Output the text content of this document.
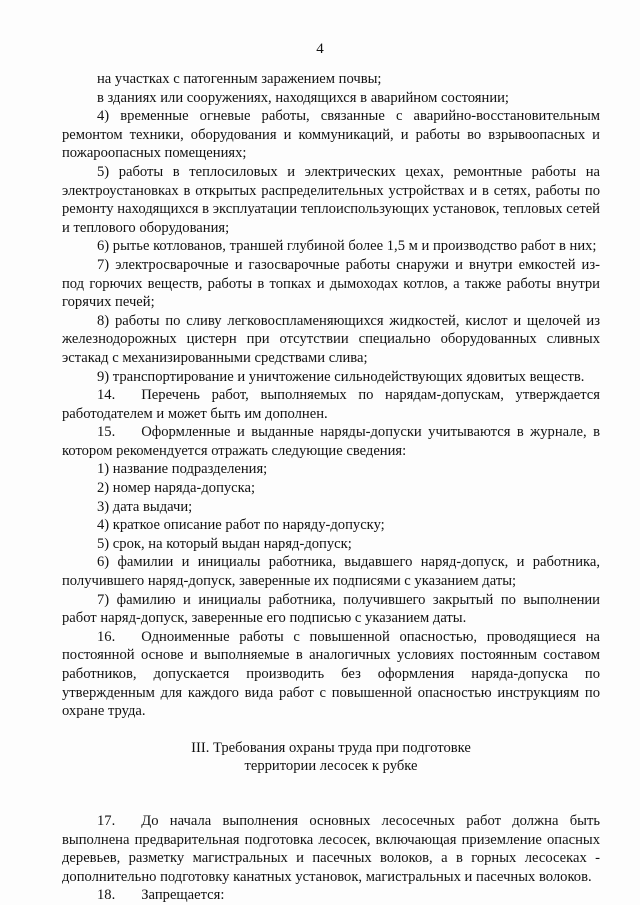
4

на участках с патогенным заражением почвы;

в зданиях или сооружениях, находящихся в аварийном состоянии;

4) временные огневые работы, связанные с аварийно-восстановительным ремонтом техники, оборудования и коммуникаций, и работы во взрывоопасных и пожароопасных помещениях;

5) работы в теплосиловых и электрических цехах, ремонтные работы на электроустановках в открытых распределительных устройствах и в сетях, работы по ремонту находящихся в эксплуатации теплоиспользующих установок, тепловых сетей и теплового оборудования;

6) рытье котлованов, траншей глубиной более 1,5 м и производство работ в них;

7) электросварочные и газосварочные работы снаружи и внутри емкостей из-под горючих веществ, работы в топках и дымоходах котлов, а также работы внутри горячих печей;

8) работы по сливу легковоспламеняющихся жидкостей, кислот и щелочей из железнодорожных цистерн при отсутствии специально оборудованных сливных эстакад с механизированными средствами слива;

9) транспортирование и уничтожение сильнодействующих ядовитых веществ.

14. Перечень работ, выполняемых по нарядам-допускам, утверждается работодателем и может быть им дополнен.

15. Оформленные и выданные наряды-допуски учитываются в журнале, в котором рекомендуется отражать следующие сведения:

1) название подразделения;

2) номер наряда-допуска;

3) дата выдачи;

4) краткое описание работ по наряду-допуску;

5) срок, на который выдан наряд-допуск;

6) фамилии и инициалы работника, выдавшего наряд-допуск, и работника, получившего наряд-допуск, заверенные их подписями с указанием даты;

7) фамилию и инициалы работника, получившего закрытый по выполнении работ наряд-допуск, заверенные его подписью с указанием даты.

16. Одноименные работы с повышенной опасностью, проводящиеся на постоянной основе и выполняемые в аналогичных условиях постоянным составом работников, допускается производить без оформления наряда-допуска по утвержденным для каждого вида работ с повышенной опасностью инструкциям по охране труда.

III. Требования охраны труда при подготовке
территории лесосек к рубке

17. До начала выполнения основных лесосечных работ должна быть выполнена предварительная подготовка лесосек, включающая приземление опасных деревьев, разметку магистральных и пасечных волоков, а в горных лесосеках - дополнительно подготовку канатных установок, магистральных и пасечных волоков.

18. Запрещается:
